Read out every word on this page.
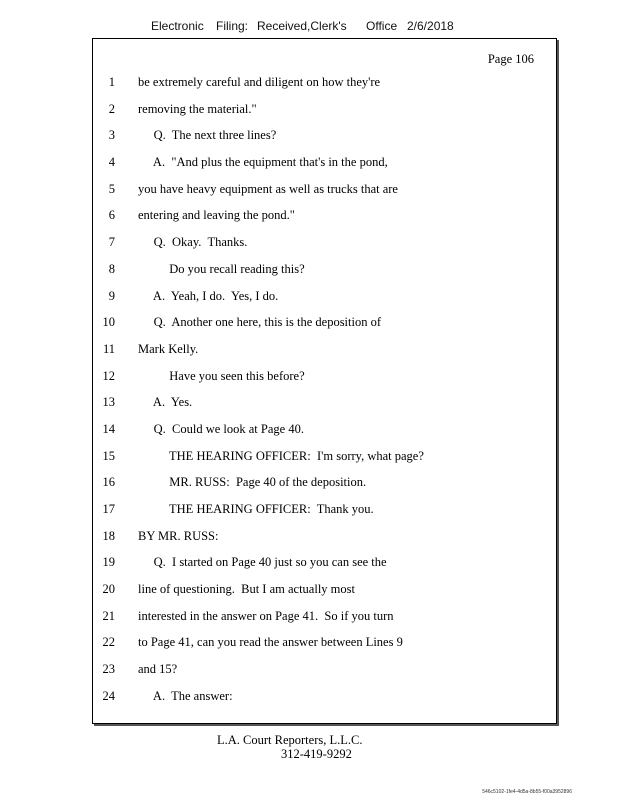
Electronic Filing: Received,Clerk's Office 2/6/2018
Page 106
1 be extremely careful and diligent on how they're
2 removing the material."
3 Q.  The next three lines?
4 A.  "And plus the equipment that's in the pond,
5 you have heavy equipment as well as trucks that are
6 entering and leaving the pond."
7 Q.  Okay.  Thanks.
8 Do you recall reading this?
9 A.  Yeah, I do.  Yes, I do.
10 Q.  Another one here, this is the deposition of
11 Mark Kelly.
12 Have you seen this before?
13 A.  Yes.
14 Q.  Could we look at Page 40.
15 THE HEARING OFFICER:  I'm sorry, what page?
16 MR. RUSS:  Page 40 of the deposition.
17 THE HEARING OFFICER:  Thank you.
18 BY MR. RUSS:
19 Q.  I started on Page 40 just so you can see the
20 line of questioning.  But I am actually most
21 interested in the answer on Page 41.  So if you turn
22 to Page 41, can you read the answer between Lines 9
23 and 15?
24 A.  The answer:
L.A. Court Reporters, L.L.C.
312-419-9292
546c5102-1fe4-4d5a-8b55-f00a3952896
